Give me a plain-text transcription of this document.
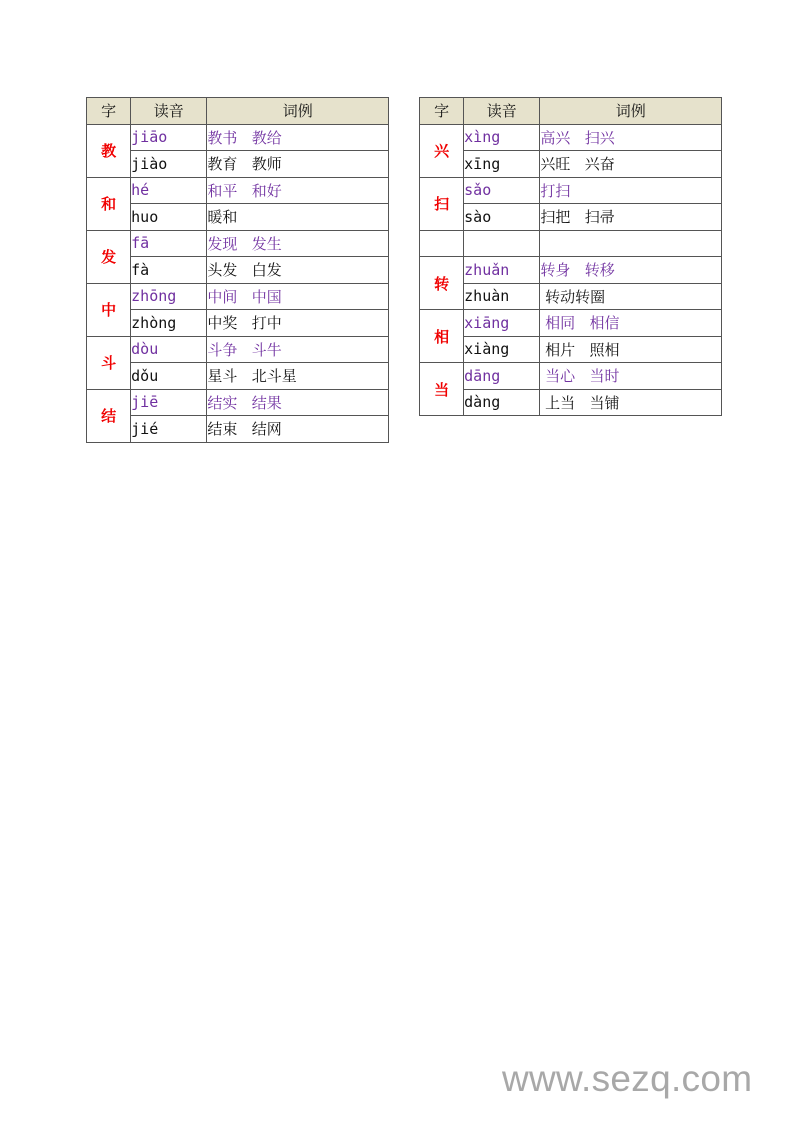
字	读音	词例
教	jiāo	教书   教给
	jiào	教育   教师
和	hé	和平   和好
	huo	暖和
发	fā	发现   发生
	fà	头发   白发
中	zhōng	中间   中国
	zhòng	中奖   打中
斗	dòu	斗争   斗牛
	dǒu	星斗   北斗星
结	jiē	结实   结果
	jié	结束   结网
字	读音	词例
兴	xìng	高兴   扫兴
	xīng	兴旺   兴奋
扫	sǎo	打扫
	sào	扫把   扫帚

转	zhuǎn	转身   转移
	zhuàn	转动转圈
相	xiāng	相同   相信
	xiàng	相片   照相
当	dāng	当心   当时
	dàng	上当   当铺
www.sezq.com
